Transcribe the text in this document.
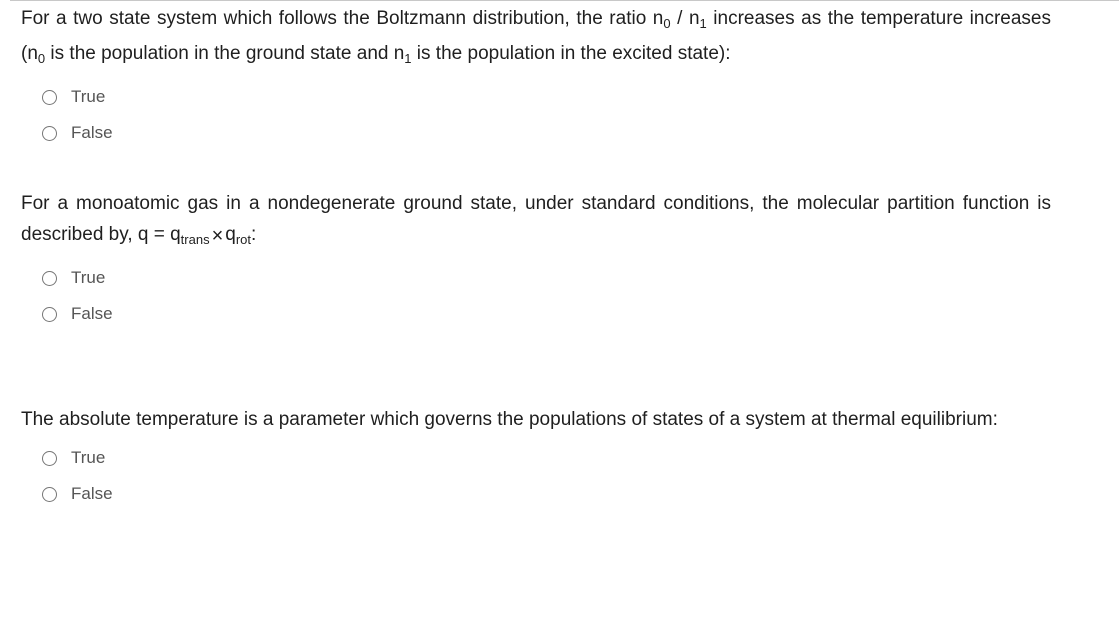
For a two state system which follows the Boltzmann distribution, the ratio $n_0 / n_1$ increases as the temperature increases ($n_0$ is the population in the ground state and $n_1$ is the population in the excited state):

True
False

For a monoatomic gas in a nondegenerate ground state, under standard conditions, the molecular partition function is described by, $q = q_{trans} \times q_{rot}$:

True
False

The absolute temperature is a parameter which governs the populations of states of a system at thermal equilibrium:

True
False
